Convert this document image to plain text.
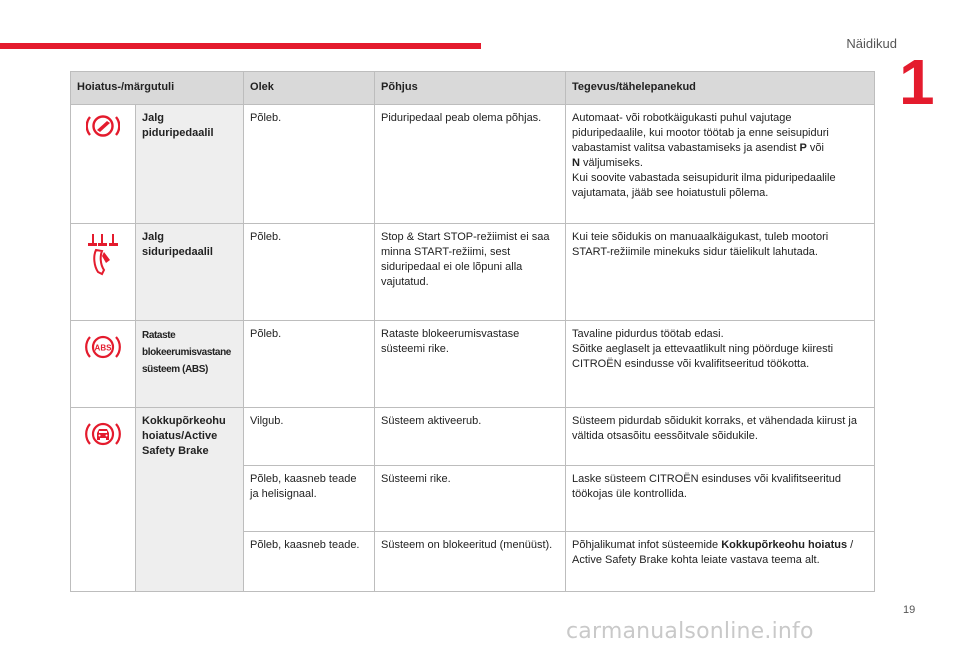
Näidikud
1
Hoiatus-/märgutuli		Olek	Põhjus	Tegevus/tähelepanekud
	Jalg piduripedaalil	Põleb.	Piduripedaal peab olema põhjas.	Automaat- või robotkäigukasti puhul vajutage piduripedaalile, kui mootor töötab ja enne seisupiduri vabastamist valitsa vabastamiseks ja asendist P või
N väljumiseks.
Kui soovite vabastada seisupidurit ilma piduripedaalile vajutamata, jääb see hoiatustuli põlema.
	Jalg siduripedaalil	Põleb.	Stop & Start STOP-režiimist ei saa minna START-režiimi, sest siduripedaal ei ole lõpuni alla vajutatud.	Kui teie sõidukis on manuaalkäigukast, tuleb mootori START-režiimile minekuks sidur täielikult lahutada.

ABS	Rataste blokeerumisvastane süsteem (ABS)	Põleb.	Rataste blokeerumisvastase süsteemi rike.	Tavaline pidurdus töötab edasi.
Sõitke aeglaselt ja ettevaatlikult ning pöörduge kiiresti CITROËN esindusse või kvalifitseeritud töökotta.
	Kokkupõrkeohu hoiatus/Active Safety Brake	Vilgub.	Süsteem aktiveerub.	Süsteem pidurdab sõidukit korraks, et vähendada kiirust ja vältida otsasõitu eessõitvale sõidukile.
		Põleb, kaasneb teade ja helisignaal.	Süsteemi rike.	Laske süsteem CITROËN esinduses või kvalifitseeritud töökojas üle kontrollida.
		Põleb, kaasneb teade.	Süsteem on blokeeritud (menüüst).	Põhjalikumat infot süsteemide Kokkupõrkeohu hoiatus / Active Safety Brake kohta leiate vastava teema alt.
19
carmanualsonline.info
